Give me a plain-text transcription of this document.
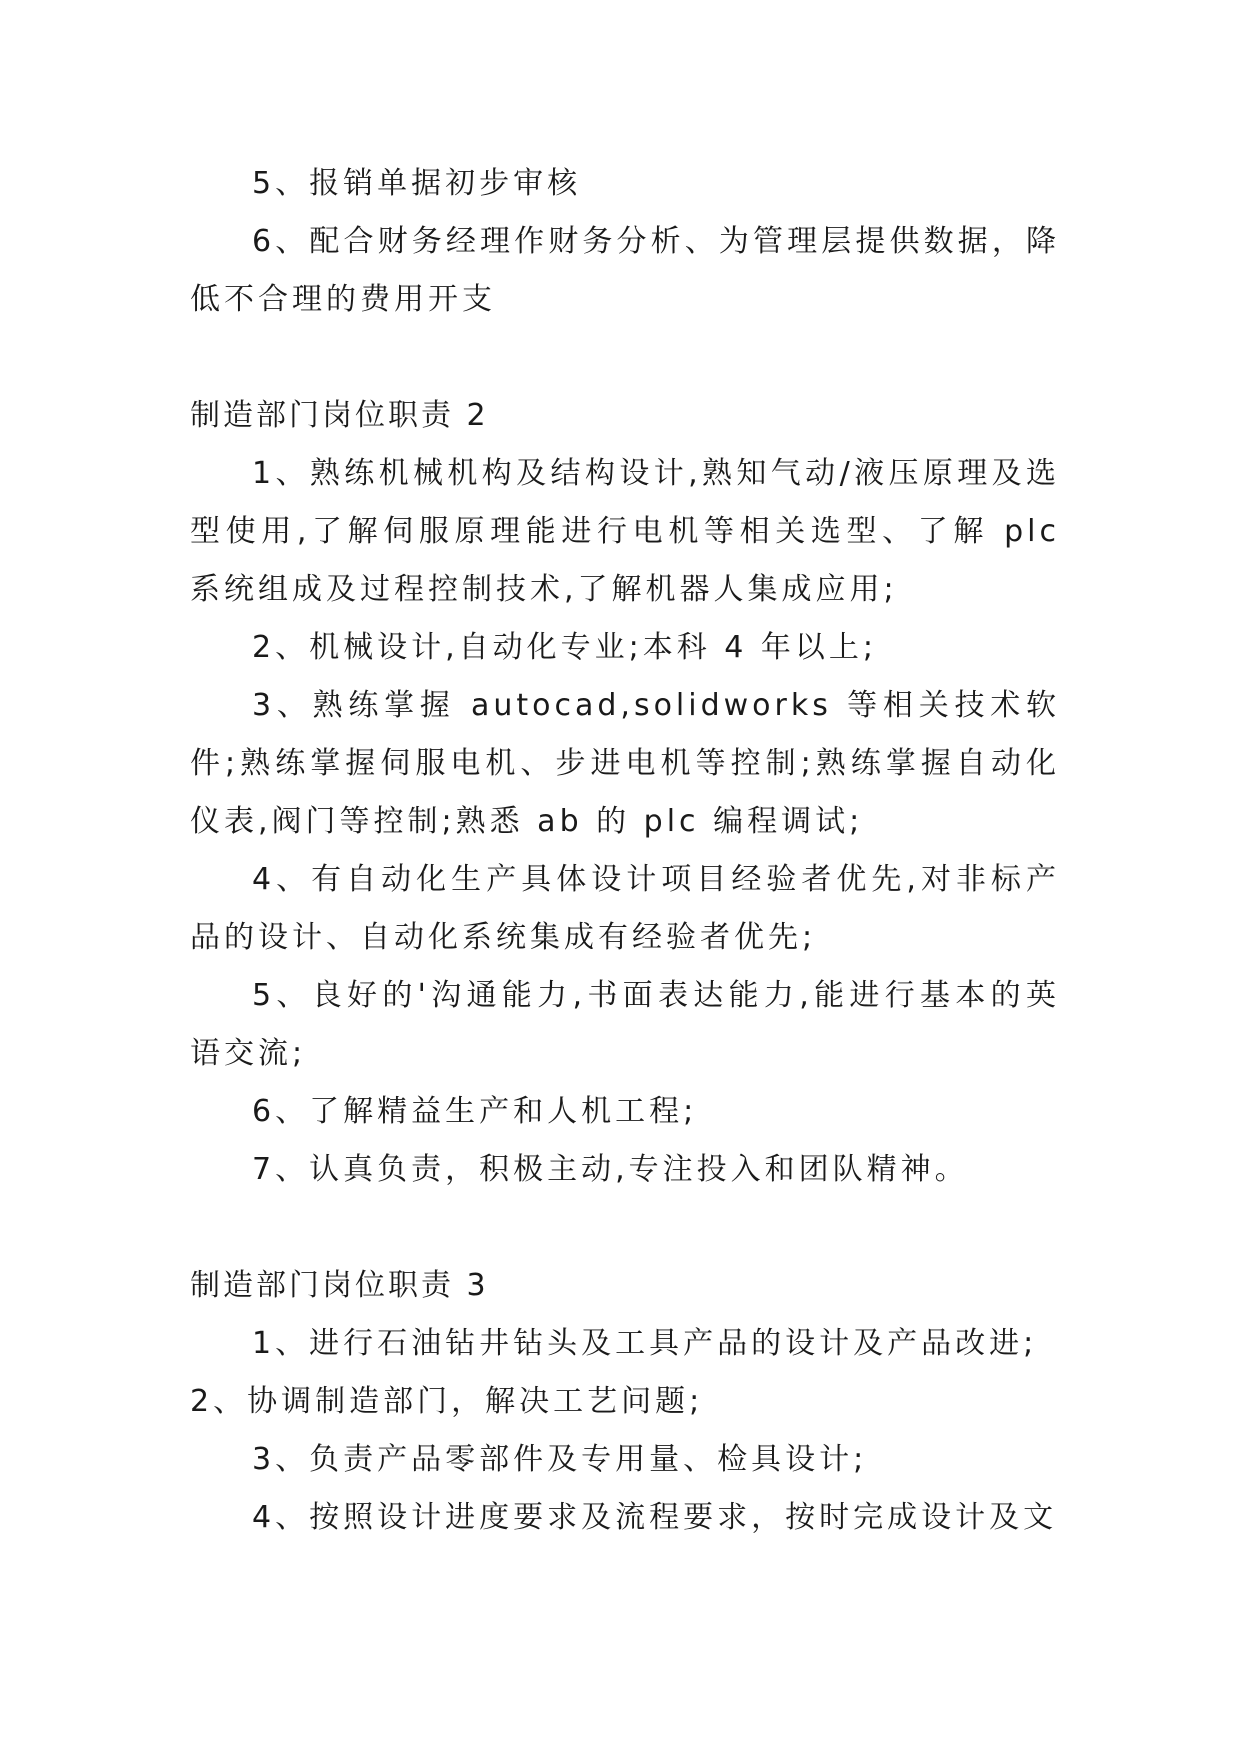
5、报销单据初步审核

6、配合财务经理作财务分析、为管理层提供数据，降低不合理的费用开支

制造部门岗位职责 2

1、熟练机械机构及结构设计,熟知气动/液压原理及选型使用,了解伺服原理能进行电机等相关选型、了解 plc 系统组成及过程控制技术,了解机器人集成应用;

2、机械设计,自动化专业;本科 4 年以上;

3、熟练掌握 autocad,solidworks 等相关技术软件;熟练掌握伺服电机、步进电机等控制;熟练掌握自动化仪表,阀门等控制;熟悉 ab 的 plc 编程调试;

4、有自动化生产具体设计项目经验者优先,对非标产品的设计、自动化系统集成有经验者优先;

5、良好的'沟通能力,书面表达能力,能进行基本的英语交流;

6、了解精益生产和人机工程;

7、认真负责，积极主动,专注投入和团队精神。

制造部门岗位职责 3

1、进行石油钻井钻头及工具产品的设计及产品改进;

2、协调制造部门，解决工艺问题;

3、负责产品零部件及专用量、检具设计;

4、按照设计进度要求及流程要求，按时完成设计及文
